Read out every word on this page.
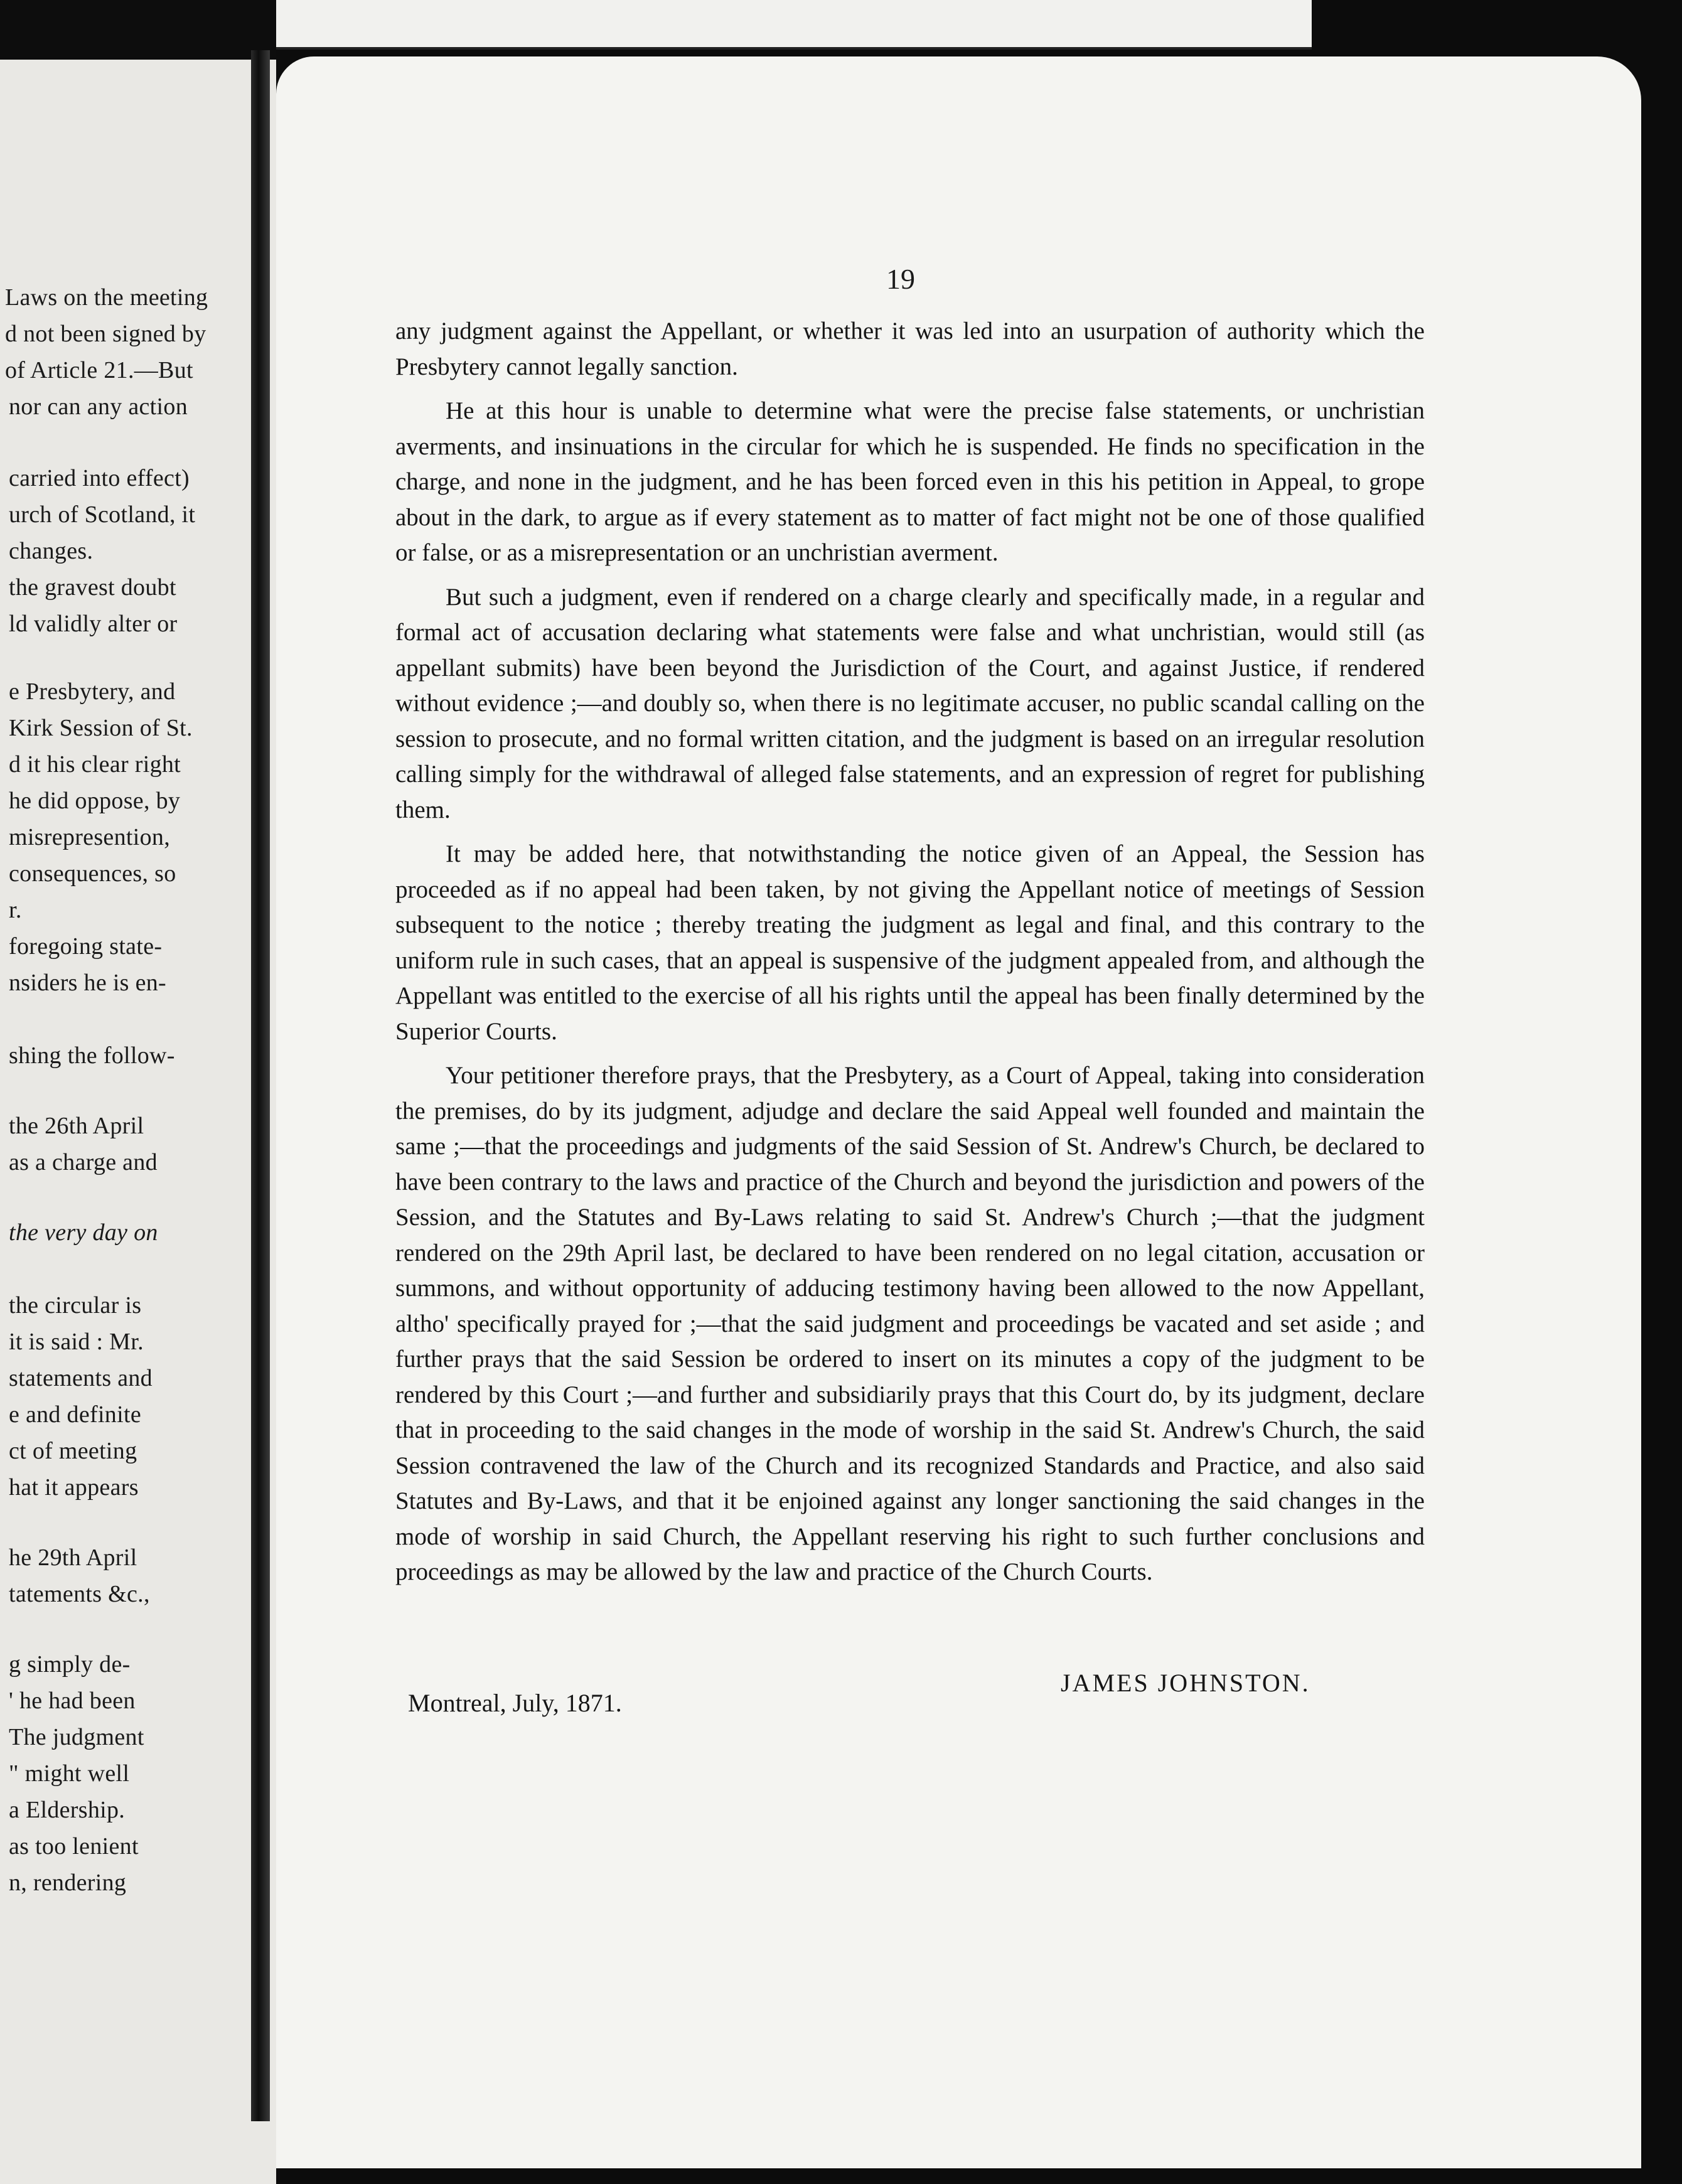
Laws on the meeting
d not been signed by
of Article 21.—But
nor can any action
carried into effect)
urch of Scotland, it
changes.
the gravest doubt
ld validly alter or
e Presbytery, and
Kirk Session of St.
d it his clear right
he did oppose, by
misrepresention,
consequences, so
r.
foregoing state-
nsiders he is en-
shing the follow-
the 26th April
as a charge and
the very day on
the circular is
it is said : Mr.
statements and
e and definite
ct of meeting
hat it appears
he 29th April
tatements &c.,
g simply de-
' he had been
The judgment
" might well
a Eldership.
as too lenient
n, rendering
19

any judgment against the Appellant, or whether it was led into an usurpation of authority which the Presbytery cannot legally sanction.

He at this hour is unable to determine what were the precise false statements, or unchristian averments, and insinuations in the circular for which he is suspended. He finds no specification in the charge, and none in the judgment, and he has been forced even in this his petition in Appeal, to grope about in the dark, to argue as if every statement as to matter of fact might not be one of those qualified or false, or as a misrepresentation or an unchristian averment.

But such a judgment, even if rendered on a charge clearly and specifically made, in a regular and formal act of accusation declaring what statements were false and what unchristian, would still (as appellant submits) have been beyond the Jurisdiction of the Court, and against Justice, if rendered without evidence ;—and doubly so, when there is no legitimate accuser, no public scandal calling on the session to prosecute, and no formal written citation, and the judgment is based on an irregular resolution calling simply for the withdrawal of alleged false statements, and an expression of regret for publishing them.

It may be added here, that notwithstanding the notice given of an Appeal, the Session has proceeded as if no appeal had been taken, by not giving the Appellant notice of meetings of Session subsequent to the notice ; thereby treating the judgment as legal and final, and this contrary to the uniform rule in such cases, that an appeal is suspensive of the judgment appealed from, and although the Appellant was entitled to the exercise of all his rights until the appeal has been finally determined by the Superior Courts.

Your petitioner therefore prays, that the Presbytery, as a Court of Appeal, taking into consideration the premises, do by its judgment, adjudge and declare the said Appeal well founded and maintain the same ;—that the proceedings and judgments of the said Session of St. Andrew's Church, be declared to have been contrary to the laws and practice of the Church and beyond the jurisdiction and powers of the Session, and the Statutes and By-Laws relating to said St. Andrew's Church ;—that the judgment rendered on the 29th April last, be declared to have been rendered on no legal citation, accusation or summons, and without opportunity of adducing testimony having been allowed to the now Appellant, altho' specifically prayed for ;—that the said judgment and proceedings be vacated and set aside ; and further prays that the said Session be ordered to insert on its minutes a copy of the judgment to be rendered by this Court ;—and further and subsidiarily prays that this Court do, by its judgment, declare that in proceeding to the said changes in the mode of worship in the said St. Andrew's Church, the said Session contravened the law of the Church and its recognized Standards and Practice, and also said Statutes and By-Laws, and that it be enjoined against any longer sanctioning the said changes in the mode of worship in said Church, the Appellant reserving his right to such further conclusions and proceedings as may be allowed by the law and practice of the Church Courts.

Montreal, July, 1871.
JAMES JOHNSTON.
